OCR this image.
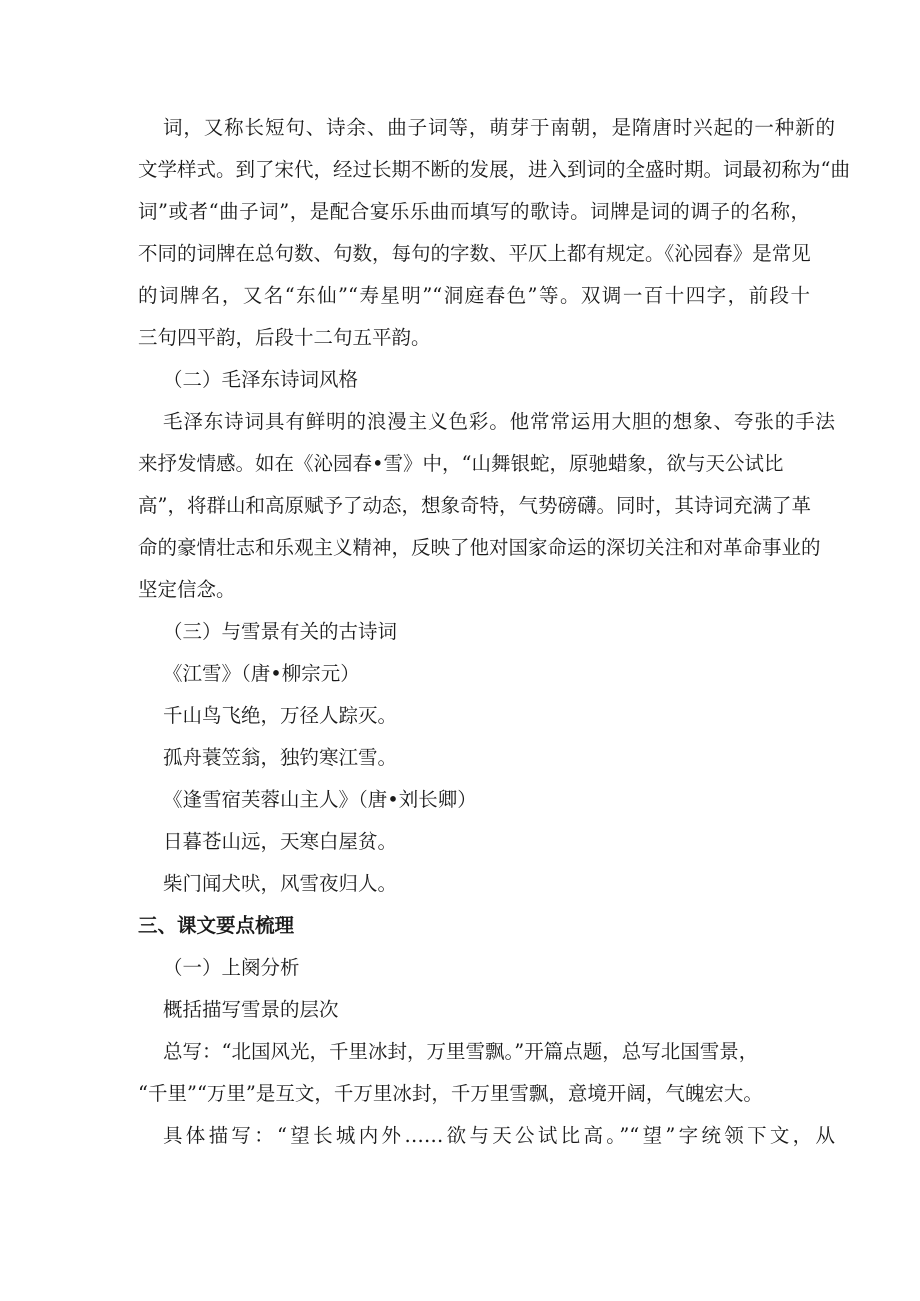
词，又称长短句、诗余、曲子词等，萌芽于南朝，是隋唐时兴起的一种新的
文学样式。到了宋代，经过长期不断的发展，进入到词的全盛时期。词最初称为“曲
词”或者“曲子词”，是配合宴乐乐曲而填写的歌诗。词牌是词的调子的名称，
不同的词牌在总句数、句数，每句的字数、平仄上都有规定。《沁园春》是常见
的词牌名，又名“东仙”“寿星明”“洞庭春色”等。双调一百十四字，前段十
三句四平韵，后段十二句五平韵。
（二）毛泽东诗词风格
毛泽东诗词具有鲜明的浪漫主义色彩。他常常运用大胆的想象、夸张的手法
来抒发情感。如在《沁园春•雪》中，“山舞银蛇，原驰蜡象，欲与天公试比
高”，将群山和高原赋予了动态，想象奇特，气势磅礴。同时，其诗词充满了革
命的豪情壮志和乐观主义精神，反映了他对国家命运的深切关注和对革命事业的
坚定信念。
（三）与雪景有关的古诗词
《江雪》（唐•柳宗元）
千山鸟飞绝，万径人踪灭。
孤舟蓑笠翁，独钓寒江雪。
《逢雪宿芙蓉山主人》（唐•刘长卿）
日暮苍山远，天寒白屋贫。
柴门闻犬吠，风雪夜归人。
三、课文要点梳理
（一）上阕分析
概括描写雪景的层次
总写：“北国风光，千里冰封，万里雪飘。”开篇点题，总写北国雪景，
“千里”“万里”是互文，千万里冰封，千万里雪飘，意境开阔，气魄宏大。
具体描写：“望长城内外……欲与天公试比高。”“望”字统领下文，从
